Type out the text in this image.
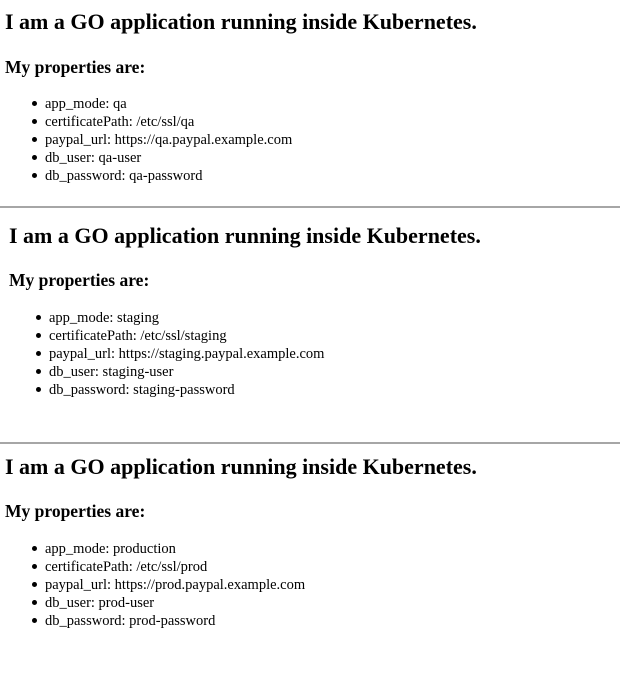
I am a GO application running inside Kubernetes.
My properties are:
app_mode: qa
certificatePath: /etc/ssl/qa
paypal_url: https://qa.paypal.example.com
db_user: qa-user
db_password: qa-password
I am a GO application running inside Kubernetes.
My properties are:
app_mode: staging
certificatePath: /etc/ssl/staging
paypal_url: https://staging.paypal.example.com
db_user: staging-user
db_password: staging-password
I am a GO application running inside Kubernetes.
My properties are:
app_mode: production
certificatePath: /etc/ssl/prod
paypal_url: https://prod.paypal.example.com
db_user: prod-user
db_password: prod-password
